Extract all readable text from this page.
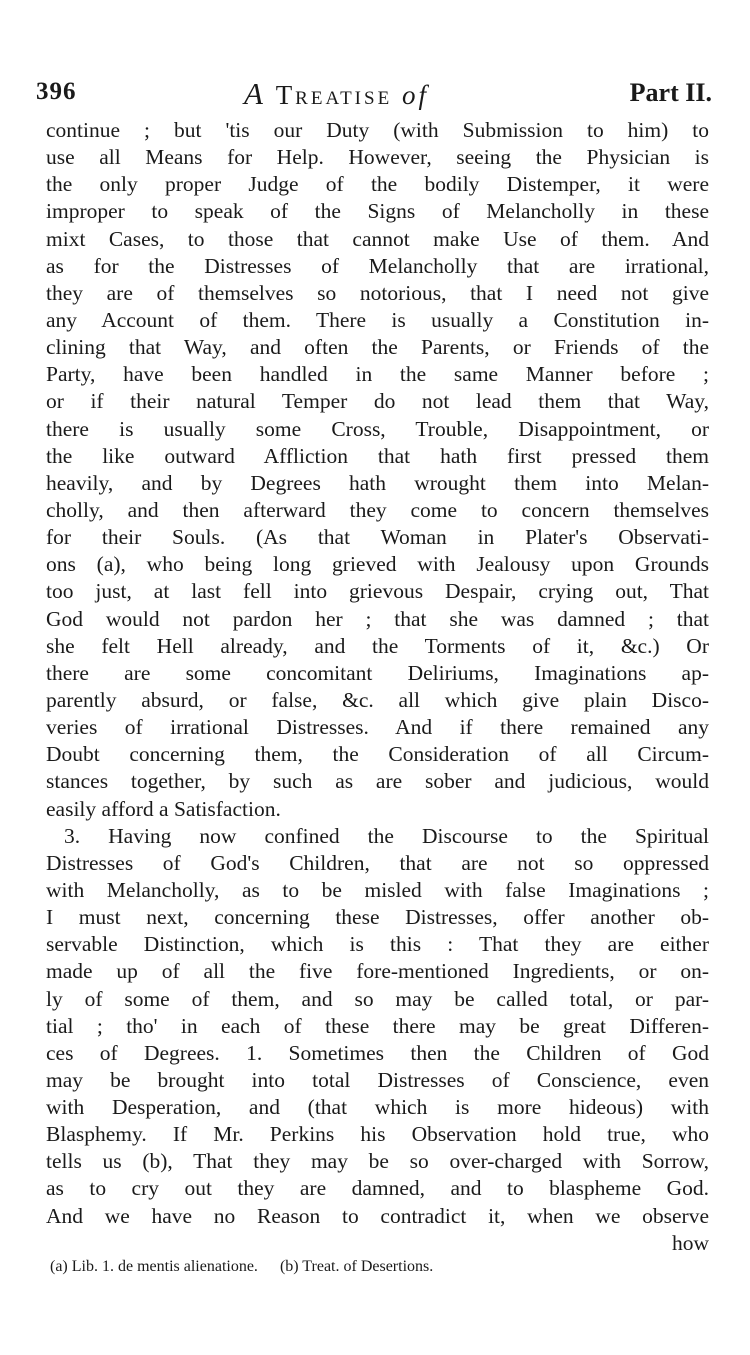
396	A Treatise of	Part II.
continue ; but 'tis our Duty (with Submission to him) to
use all Means for Help. However, seeing the Physician is
the only proper Judge of the bodily Distemper, it were
improper to speak of the Signs of Melancholly in these
mixt Cases, to those that cannot make Use of them. And
as for the Distresses of Melancholly that are irrational,
they are of themselves so notorious, that I need not give
any Account of them. There is usually a Constitution in-
clining that Way, and often the Parents, or Friends of the
Party, have been handled in the same Manner before ;
or if their natural Temper do not lead them that Way,
there is usually some Cross, Trouble, Disappointment, or
the like outward Affliction that hath first pressed them
heavily, and by Degrees hath wrought them into Melan-
cholly, and then afterward they come to concern themselves
for their Souls. (As that Woman in Plater's Observati-
ons (a), who being long grieved with Jealousy upon Grounds
too just, at last fell into grievous Despair, crying out, That
God would not pardon her ; that she was damned ; that
she felt Hell already, and the Torments of it, &c.) Or
there are some concomitant Deliriums, Imaginations ap-
parently absurd, or false, &c. all which give plain Disco-
veries of irrational Distresses. And if there remained any
Doubt concerning them, the Consideration of all Circum-
stances together, by such as are sober and judicious, would
easily afford a Satisfaction.
3. Having now confined the Discourse to the Spiritual
Distresses of God's Children, that are not so oppressed
with Melancholly, as to be misled with false Imaginations ;
I must next, concerning these Distresses, offer another ob-
servable Distinction, which is this : That they are either
made up of all the five fore-mentioned Ingredients, or on-
ly of some of them, and so may be called total, or par-
tial ; tho' in each of these there may be great Differen-
ces of Degrees. 1. Sometimes then the Children of God
may be brought into total Distresses of Conscience, even
with Desperation, and (that which is more hideous) with
Blasphemy. If Mr. Perkins his Observation hold true, who
tells us (b), That they may be so over-charged with Sorrow,
as to cry out they are damned, and to blaspheme God.
And we have no Reason to contradict it, when we observe
how
(a) Lib. 1. de mentis alienatione. (b) Treat. of Desertions.
